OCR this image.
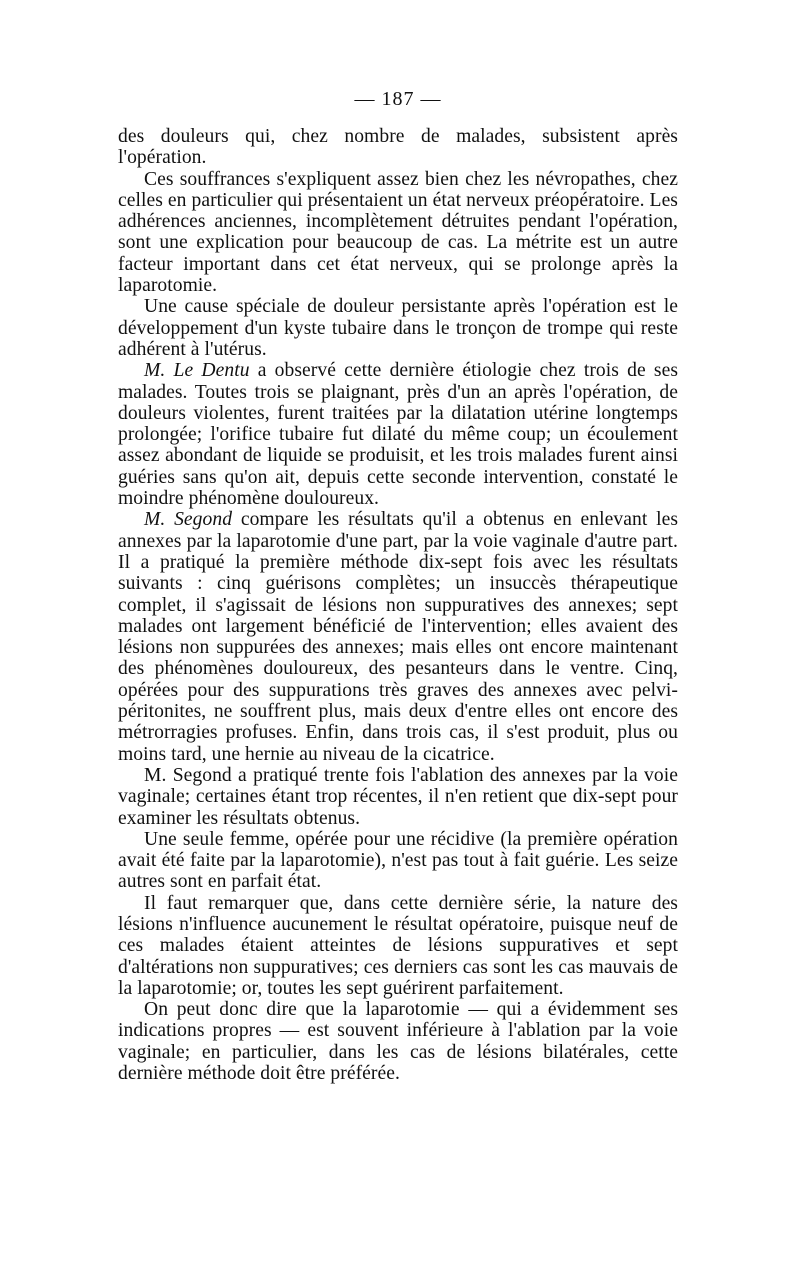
— 187 —

des douleurs qui, chez nombre de malades, subsistent après l'opération.

Ces souffrances s'expliquent assez bien chez les névropathes, chez celles en particulier qui présentaient un état nerveux préopératoire. Les adhérences anciennes, incomplètement détruites pendant l'opération, sont une explication pour beaucoup de cas. La métrite est un autre facteur important dans cet état nerveux, qui se prolonge après la laparotomie.

Une cause spéciale de douleur persistante après l'opération est le développement d'un kyste tubaire dans le tronçon de trompe qui reste adhérent à l'utérus.

M. Le Dentu a observé cette dernière étiologie chez trois de ses malades. Toutes trois se plaignant, près d'un an après l'opération, de douleurs violentes, furent traitées par la dilatation utérine longtemps prolongée; l'orifice tubaire fut dilaté du même coup; un écoulement assez abondant de liquide se produisit, et les trois malades furent ainsi guéries sans qu'on ait, depuis cette seconde intervention, constaté le moindre phénomène douloureux.

M. Segond compare les résultats qu'il a obtenus en enlevant les annexes par la laparotomie d'une part, par la voie vaginale d'autre part. Il a pratiqué la première méthode dix-sept fois avec les résultats suivants : cinq guérisons complètes; un insuccès thérapeutique complet, il s'agissait de lésions non suppuratives des annexes; sept malades ont largement bénéficié de l'intervention; elles avaient des lésions non suppurées des annexes; mais elles ont encore maintenant des phénomènes douloureux, des pesanteurs dans le ventre. Cinq, opérées pour des suppurations très graves des annexes avec pelvi-péritonites, ne souffrent plus, mais deux d'entre elles ont encore des métrorragies profuses. Enfin, dans trois cas, il s'est produit, plus ou moins tard, une hernie au niveau de la cicatrice.

M. Segond a pratiqué trente fois l'ablation des annexes par la voie vaginale; certaines étant trop récentes, il n'en retient que dix-sept pour examiner les résultats obtenus.

Une seule femme, opérée pour une récidive (la première opération avait été faite par la laparotomie), n'est pas tout à fait guérie. Les seize autres sont en parfait état.

Il faut remarquer que, dans cette dernière série, la nature des lésions n'influence aucunement le résultat opératoire, puisque neuf de ces malades étaient atteintes de lésions suppuratives et sept d'altérations non suppuratives; ces derniers cas sont les cas mauvais de la laparotomie; or, toutes les sept guérirent parfaitement.

On peut donc dire que la laparotomie — qui a évidemment ses indications propres — est souvent inférieure à l'ablation par la voie vaginale; en particulier, dans les cas de lésions bilatérales, cette dernière méthode doit être préférée.
